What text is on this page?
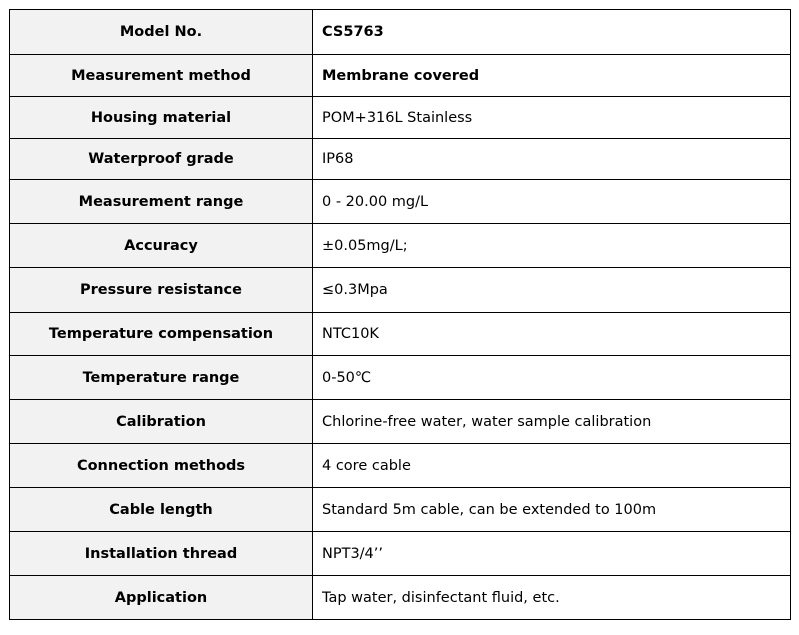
Model No.	CS5763
Measurement method	Membrane covered
Housing material	POM+316L Stainless
Waterproof grade	IP68
Measurement range	0 - 20.00 mg/L
Accuracy	±0.05mg/L;
Pressure resistance	≤0.3Mpa
Temperature compensation	NTC10K
Temperature range	0-50℃
Calibration	Chlorine-free water, water sample calibration
Connection methods	4 core cable
Cable length	Standard 5m cable, can be extended to 100m
Installation thread	NPT3/4’’
Application	Tap water, disinfectant fluid, etc.
